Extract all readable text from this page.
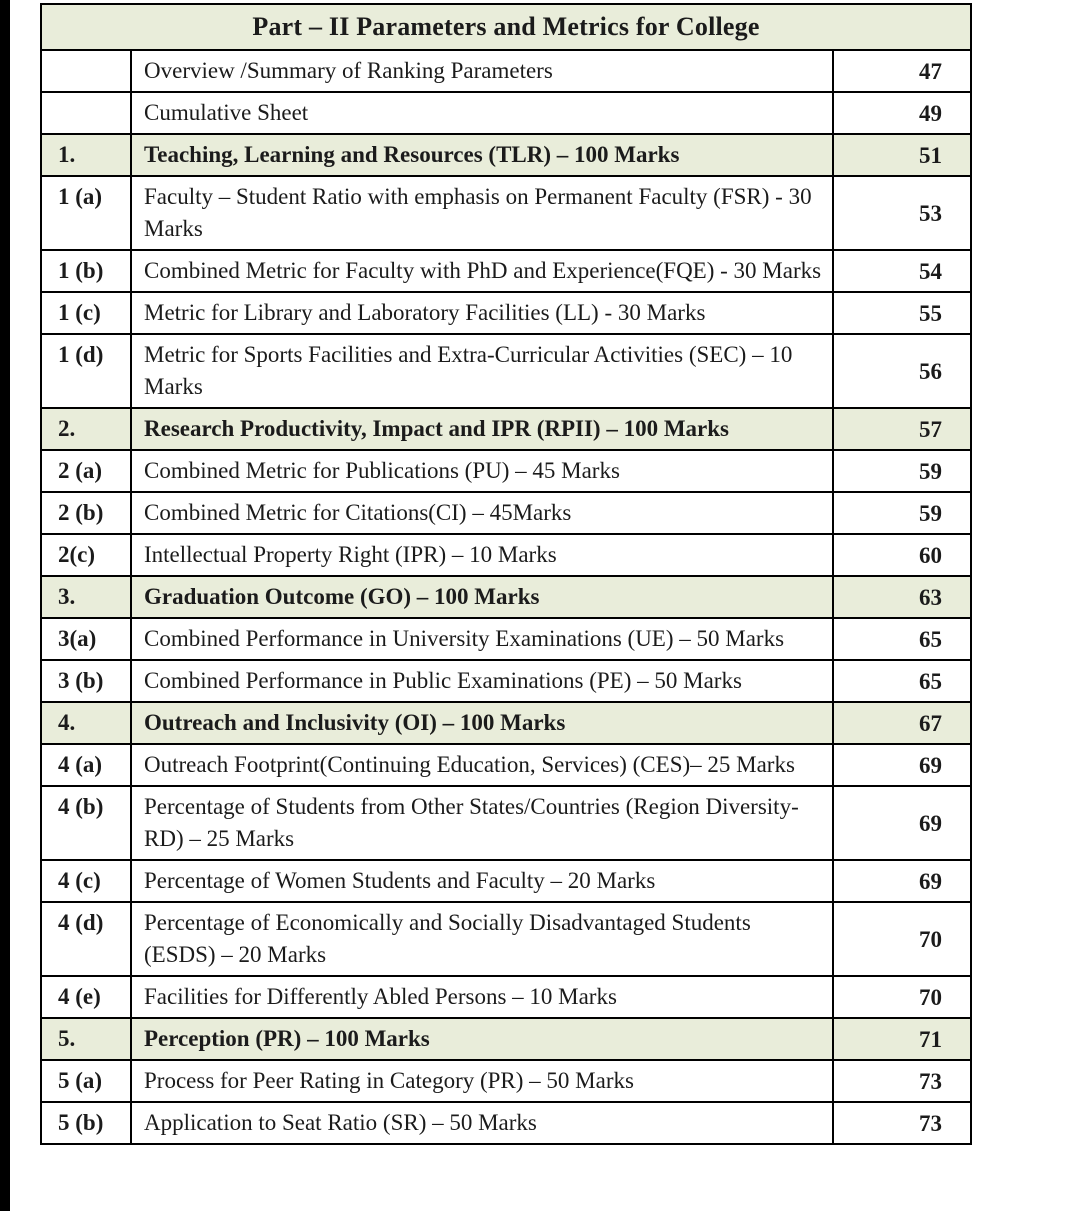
Part – II Parameters and Metrics for College		
	Overview /Summary of Ranking Parameters	47
	Cumulative Sheet	49
1.	Teaching, Learning and Resources (TLR) – 100 Marks	51
1 (a)	Faculty – Student Ratio with emphasis on Permanent Faculty (FSR) - 30 Marks	53
1 (b)	Combined Metric for Faculty with PhD and Experience(FQE) - 30 Marks	54
1 (c)	Metric for Library and Laboratory Facilities (LL) - 30 Marks	55
1 (d)	Metric for Sports Facilities and Extra-Curricular Activities (SEC) – 10 Marks	56
2.	Research Productivity, Impact and IPR (RPII) – 100 Marks	57
2 (a)	Combined Metric for Publications (PU) – 45 Marks	59
2 (b)	Combined Metric for Citations(CI) – 45Marks	59
2(c)	Intellectual Property Right (IPR) – 10 Marks	60
3.	Graduation Outcome (GO) – 100 Marks	63
3(a)	Combined Performance in University Examinations (UE) – 50 Marks	65
3 (b)	Combined Performance in Public Examinations (PE) – 50 Marks	65
4.	Outreach and Inclusivity (OI) – 100 Marks	67
4 (a)	Outreach Footprint(Continuing Education, Services) (CES)– 25 Marks	69
4 (b)	Percentage of Students from Other States/Countries (Region Diversity-RD) – 25 Marks	69
4 (c)	Percentage of Women Students and Faculty – 20 Marks	69
4 (d)	Percentage of Economically and Socially Disadvantaged Students (ESDS) – 20 Marks	70
4 (e)	Facilities for Differently Abled Persons – 10 Marks	70
5.	Perception (PR) – 100 Marks	71
5 (a)	Process for Peer Rating in Category (PR) – 50 Marks	73
5 (b)	Application to Seat Ratio (SR) – 50 Marks	73
